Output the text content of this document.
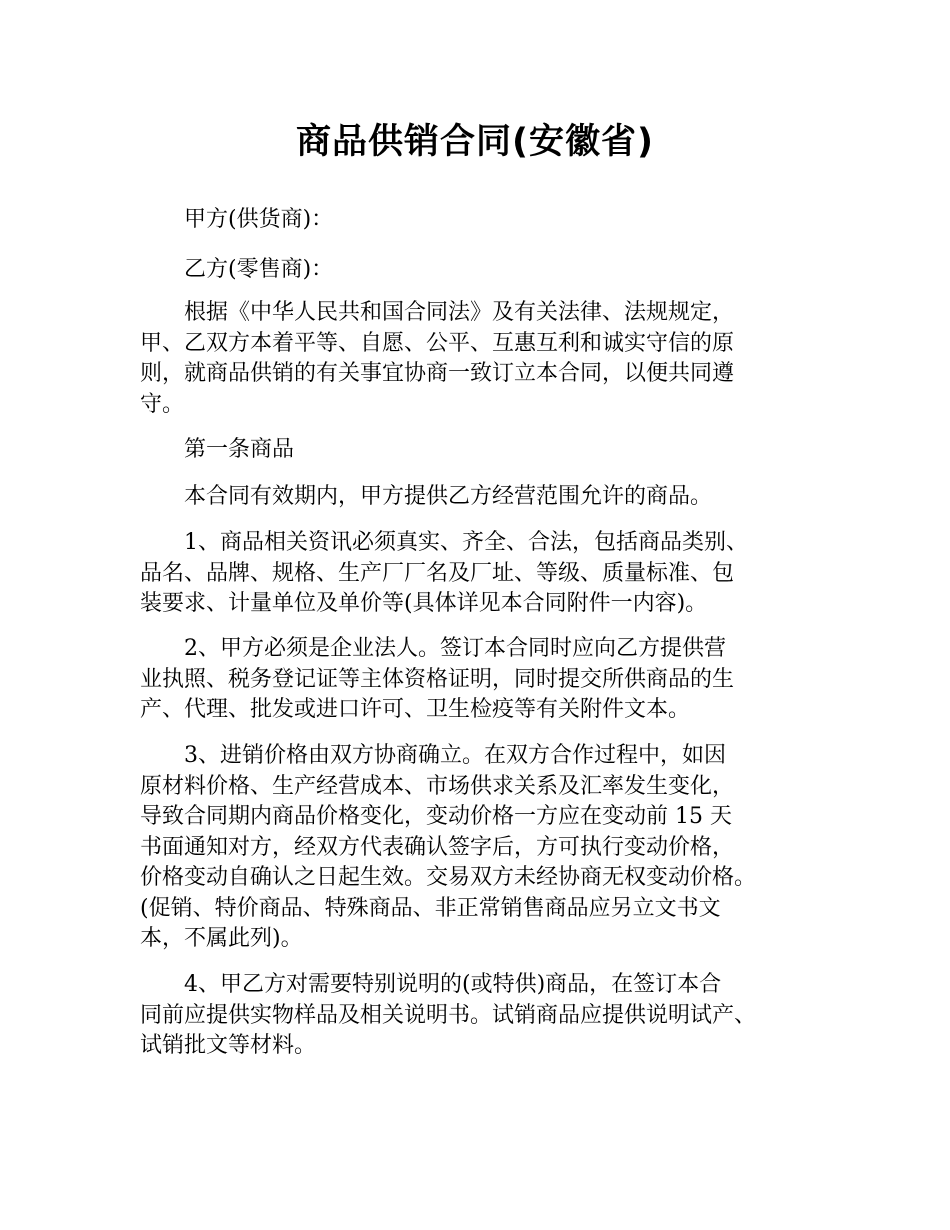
商品供销合同(安徽省)
甲方(供货商)：
乙方(零售商)：
根据《中华人民共和国合同法》及有关法律、法规规定，
甲、乙双方本着平等、自愿、公平、互惠互利和诚实守信的原
则，就商品供销的有关事宜协商一致订立本合同，以便共同遵
守。
第一条商品
本合同有效期内，甲方提供乙方经营范围允许的商品。
1、商品相关资讯必须真实、齐全、合法，包括商品类别、
品名、品牌、规格、生产厂厂名及厂址、等级、质量标准、包
装要求、计量单位及单价等(具体详见本合同附件一内容)。
2、甲方必须是企业法人。签订本合同时应向乙方提供营
业执照、税务登记证等主体资格证明，同时提交所供商品的生
产、代理、批发或进口许可、卫生检疫等有关附件文本。
3、进销价格由双方协商确立。在双方合作过程中，如因
原材料价格、生产经营成本、市场供求关系及汇率发生变化，
导致合同期内商品价格变化，变动价格一方应在变动前 15 天
书面通知对方，经双方代表确认签字后，方可执行变动价格，
价格变动自确认之日起生效。交易双方未经协商无权变动价格。
(促销、特价商品、特殊商品、非正常销售商品应另立文书文
本，不属此列)。
4、甲乙方对需要特别说明的(或特供)商品，在签订本合
同前应提供实物样品及相关说明书。试销商品应提供说明试产、
试销批文等材料。
